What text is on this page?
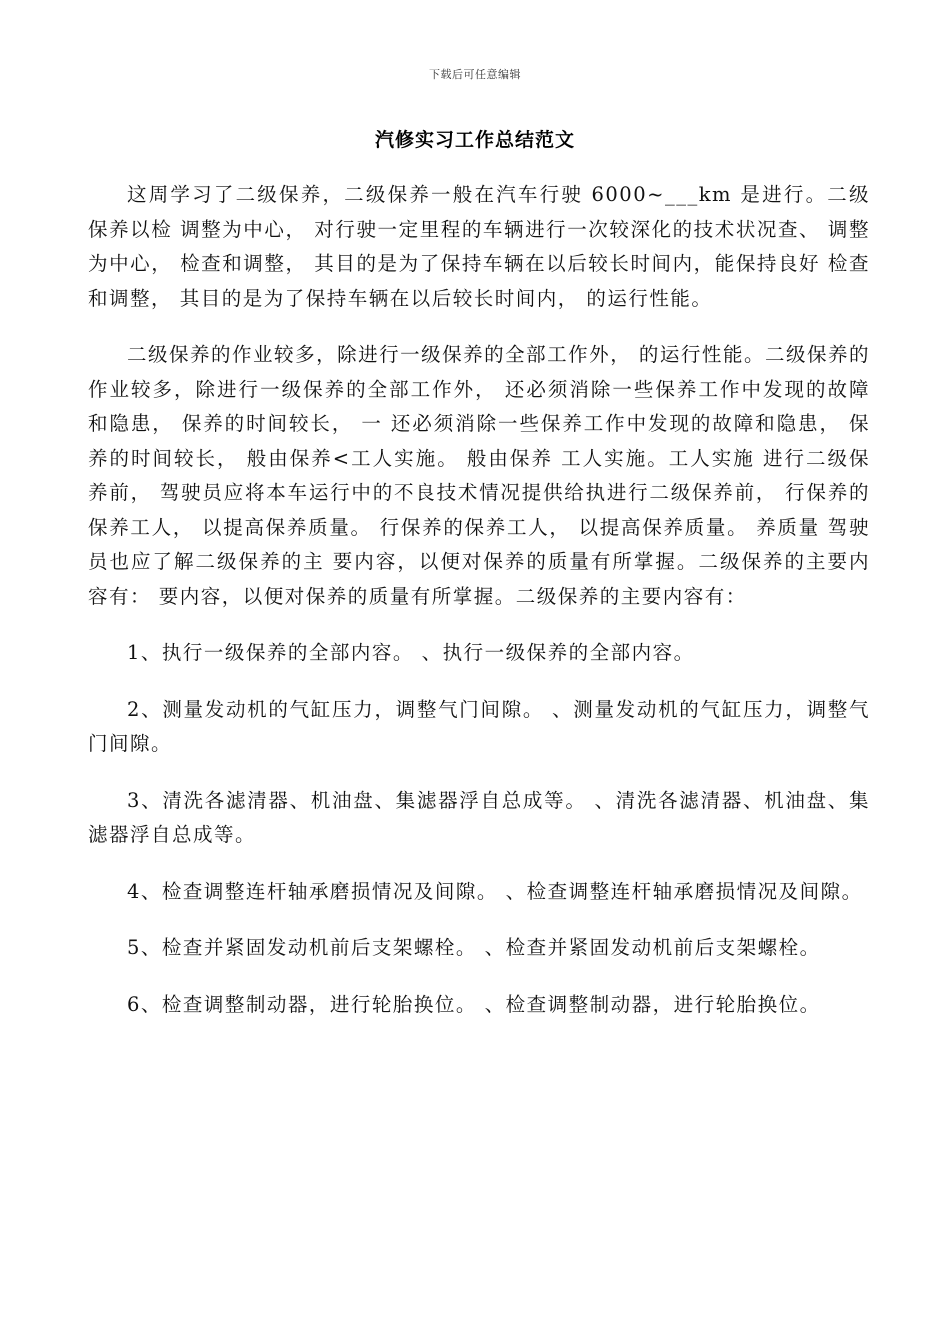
下载后可任意编辑
汽修实习工作总结范文

这周学习了二级保养，二级保养一般在汽车行驶 6000~___km 是进行。二级保养以检 调整为中心， 对行驶一定里程的车辆进行一次较深化的技术状况查、 调整为中心， 检查和调整， 其目的是为了保持车辆在以后较长时间内，能保持良好 检查和调整， 其目的是为了保持车辆在以后较长时间内， 的运行性能。

二级保养的作业较多，除进行一级保养的全部工作外， 的运行性能。二级保养的作业较多，除进行一级保养的全部工作外， 还必须消除一些保养工作中发现的故障和隐患， 保养的时间较长， 一 还必须消除一些保养工作中发现的故障和隐患， 保养的时间较长， 般由保养<工人实施。 般由保养 工人实施。工人实施 进行二级保养前， 驾驶员应将本车运行中的不良技术情况提供给执进行二级保养前， 行保养的保养工人， 以提高保养质量。 行保养的保养工人， 以提高保养质量。 养质量 驾驶员也应了解二级保养的主 要内容，以便对保养的质量有所掌握。二级保养的主要内容有： 要内容，以便对保养的质量有所掌握。二级保养的主要内容有：

1、执行一级保养的全部内容。 、执行一级保养的全部内容。

2、测量发动机的气缸压力，调整气门间隙。 、测量发动机的气缸压力，调整气门间隙。

3、清洗各滤清器、机油盘、集滤器浮自总成等。 、清洗各滤清器、机油盘、集滤器浮自总成等。

4、检查调整连杆轴承磨损情况及间隙。 、检查调整连杆轴承磨损情况及间隙。

5、检查并紧固发动机前后支架螺栓。 、检查并紧固发动机前后支架螺栓。

6、检查调整制动器，进行轮胎换位。 、检查调整制动器，进行轮胎换位。
